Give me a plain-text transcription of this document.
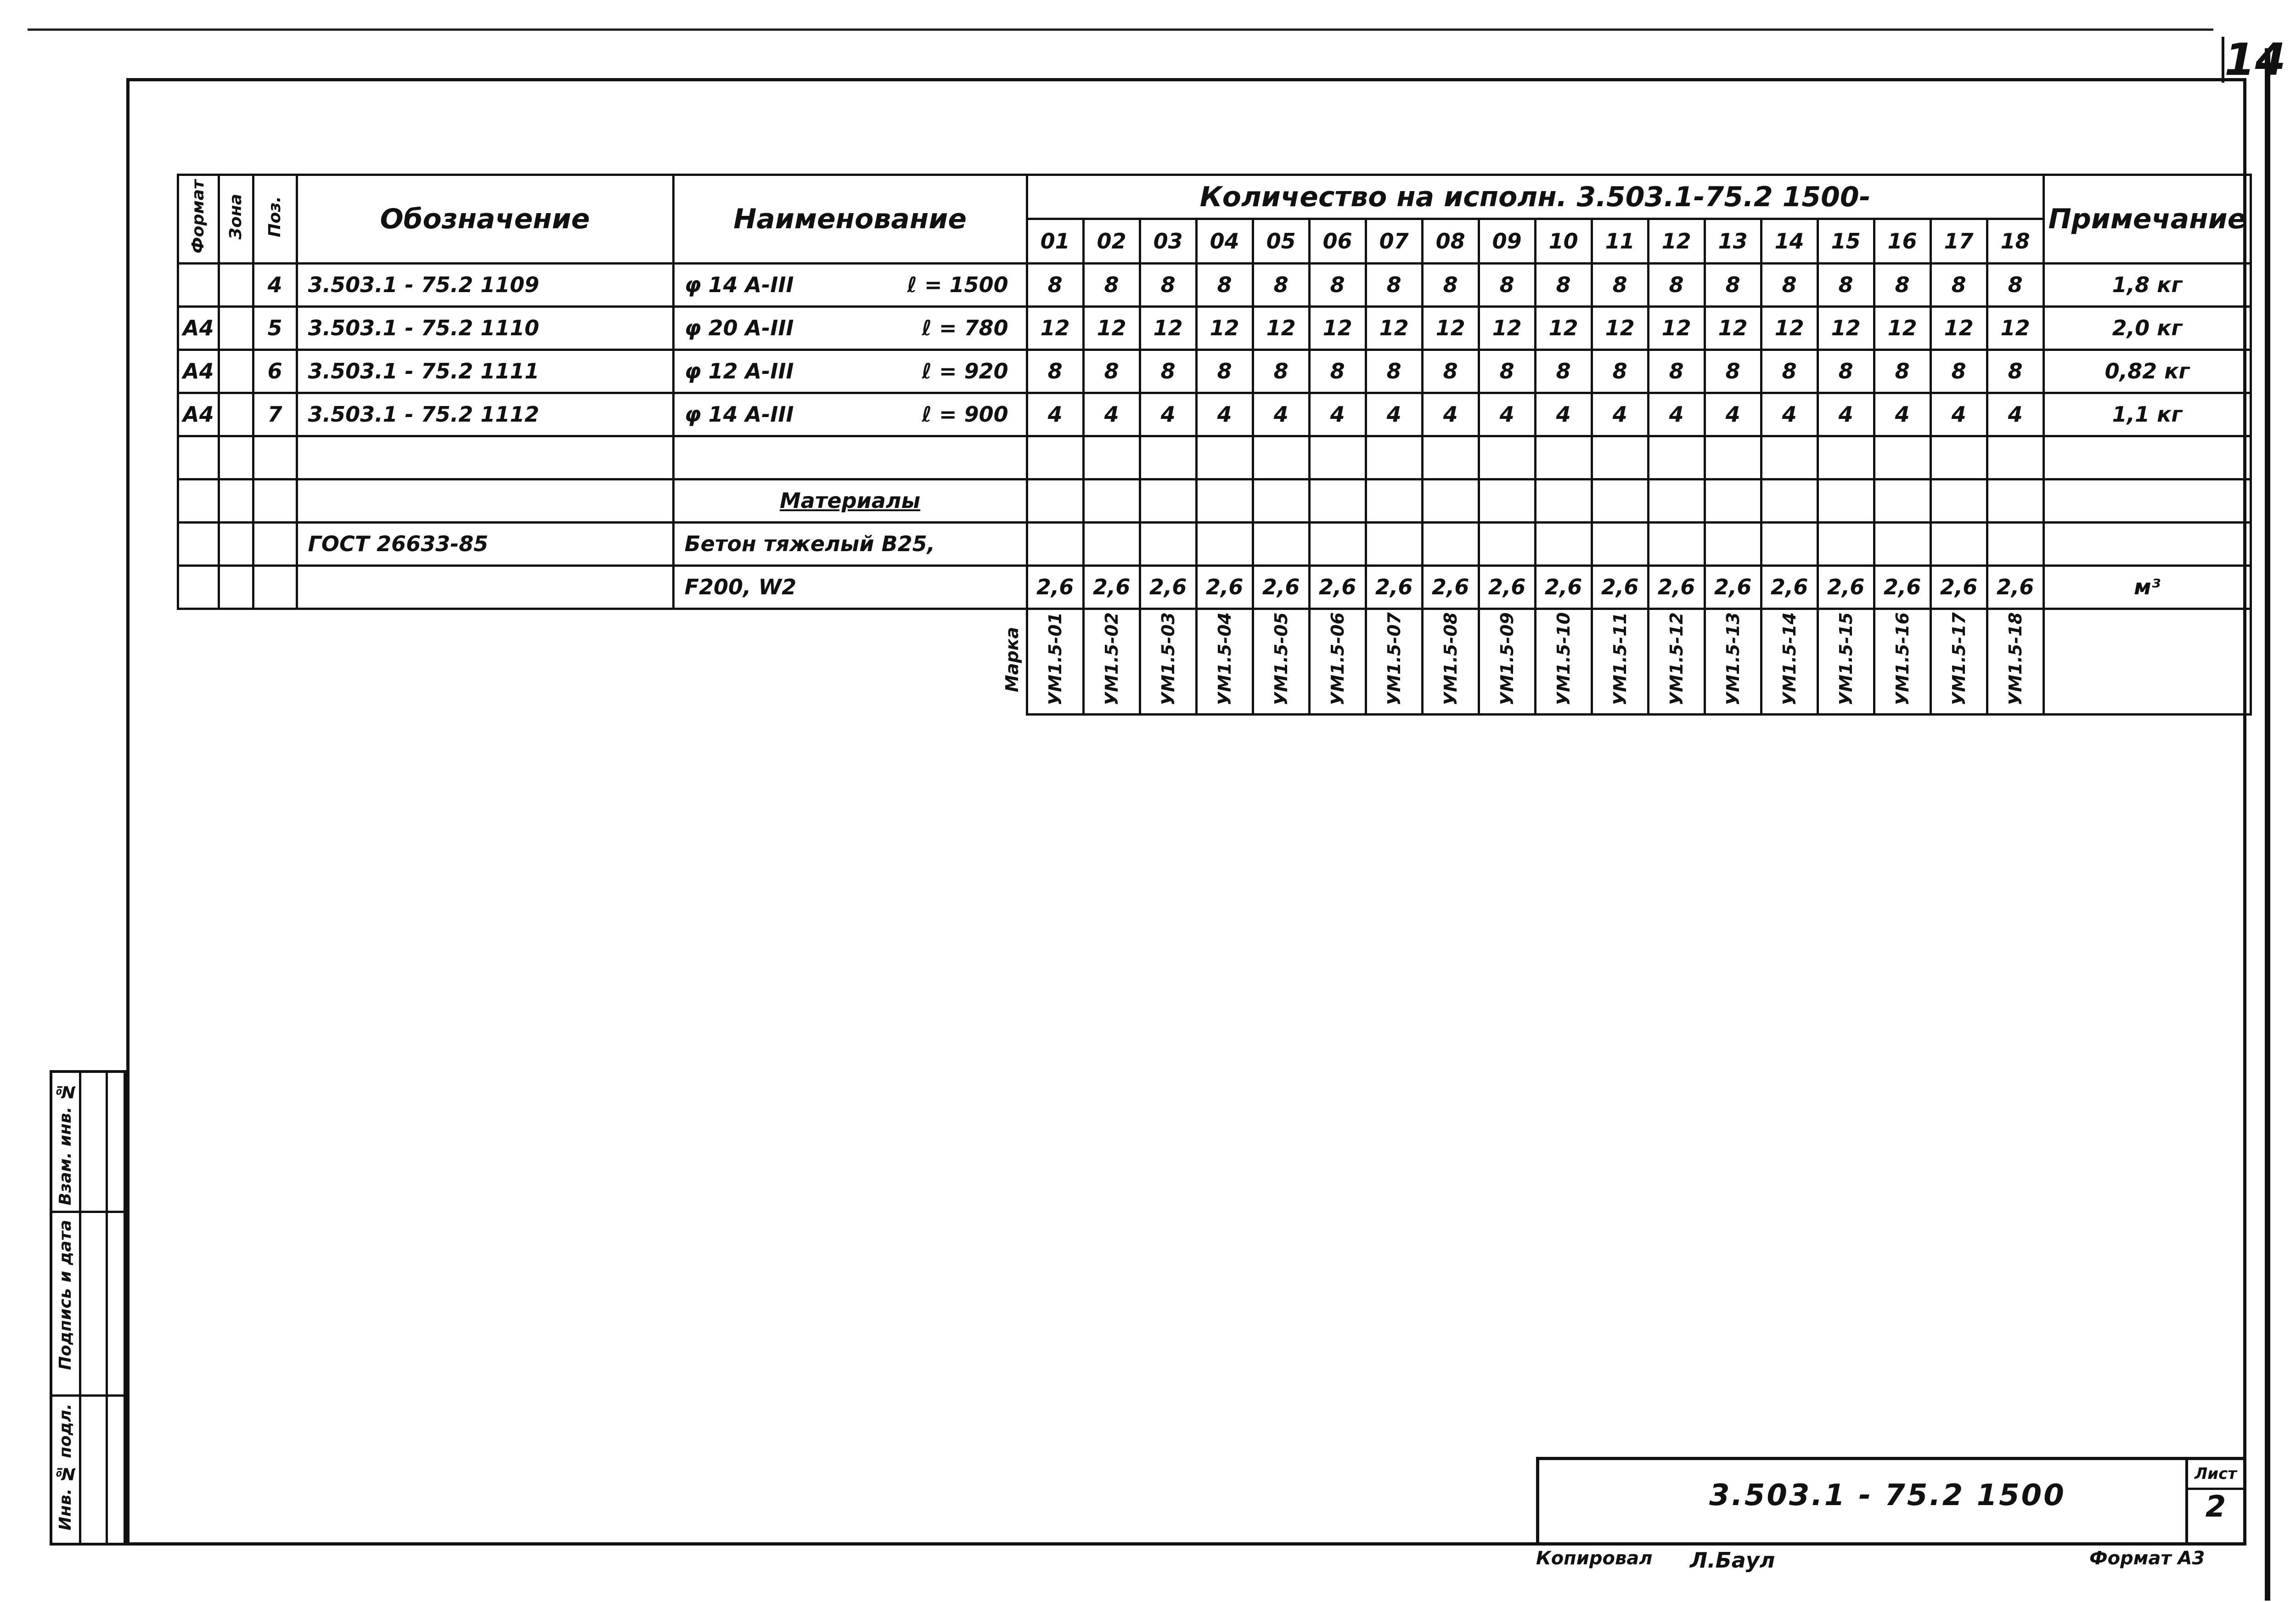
14
Формат	Зона	Поз.	Обозначение	Наименование	Количество на исполн. 3.503.1-75.2 1500-																		Примечание
					01	02	03	04	05	06	07	08	09	10	11	12	13	14	15	16	17	18	
		4	3.503.1 - 75.2 1109	φ 14 A-III ℓ = 1500	8	8	8	8	8	8	8	8	8	8	8	8	8	8	8	8	8	8	1,8 кг
А4		5	3.503.1 - 75.2 1110	φ 20 A-III ℓ = 780	12	12	12	12	12	12	12	12	12	12	12	12	12	12	12	12	12	12	2,0 кг
А4		6	3.503.1 - 75.2 1111	φ 12 A-III ℓ = 920	8	8	8	8	8	8	8	8	8	8	8	8	8	8	8	8	8	8	0,82 кг
А4		7	3.503.1 - 75.2 1112	φ 14 A-III ℓ = 900	4	4	4	4	4	4	4	4	4	4	4	4	4	4	4	4	4	4	1,1 кг

				Материалы																			
			ГОСТ 26633-85	Бетон тяжелый В25,																			
				F200, W2	2,6	2,6	2,6	2,6	2,6	2,6	2,6	2,6	2,6	2,6	2,6	2,6	2,6	2,6	2,6	2,6	2,6	2,6	м³
				Марка	УМ1.5-01	УМ1.5-02	УМ1.5-03	УМ1.5-04	УМ1.5-05	УМ1.5-06	УМ1.5-07	УМ1.5-08	УМ1.5-09	УМ1.5-10	УМ1.5-11	УМ1.5-12	УМ1.5-13	УМ1.5-14	УМ1.5-15	УМ1.5-16	УМ1.5-17	УМ1.5-18	
Инв. № подл.
Подпись и дата
Взам. инв. №
3.503.1 - 75.2 1500
Лист
2
Копировал Л.Баул	Формат А3
